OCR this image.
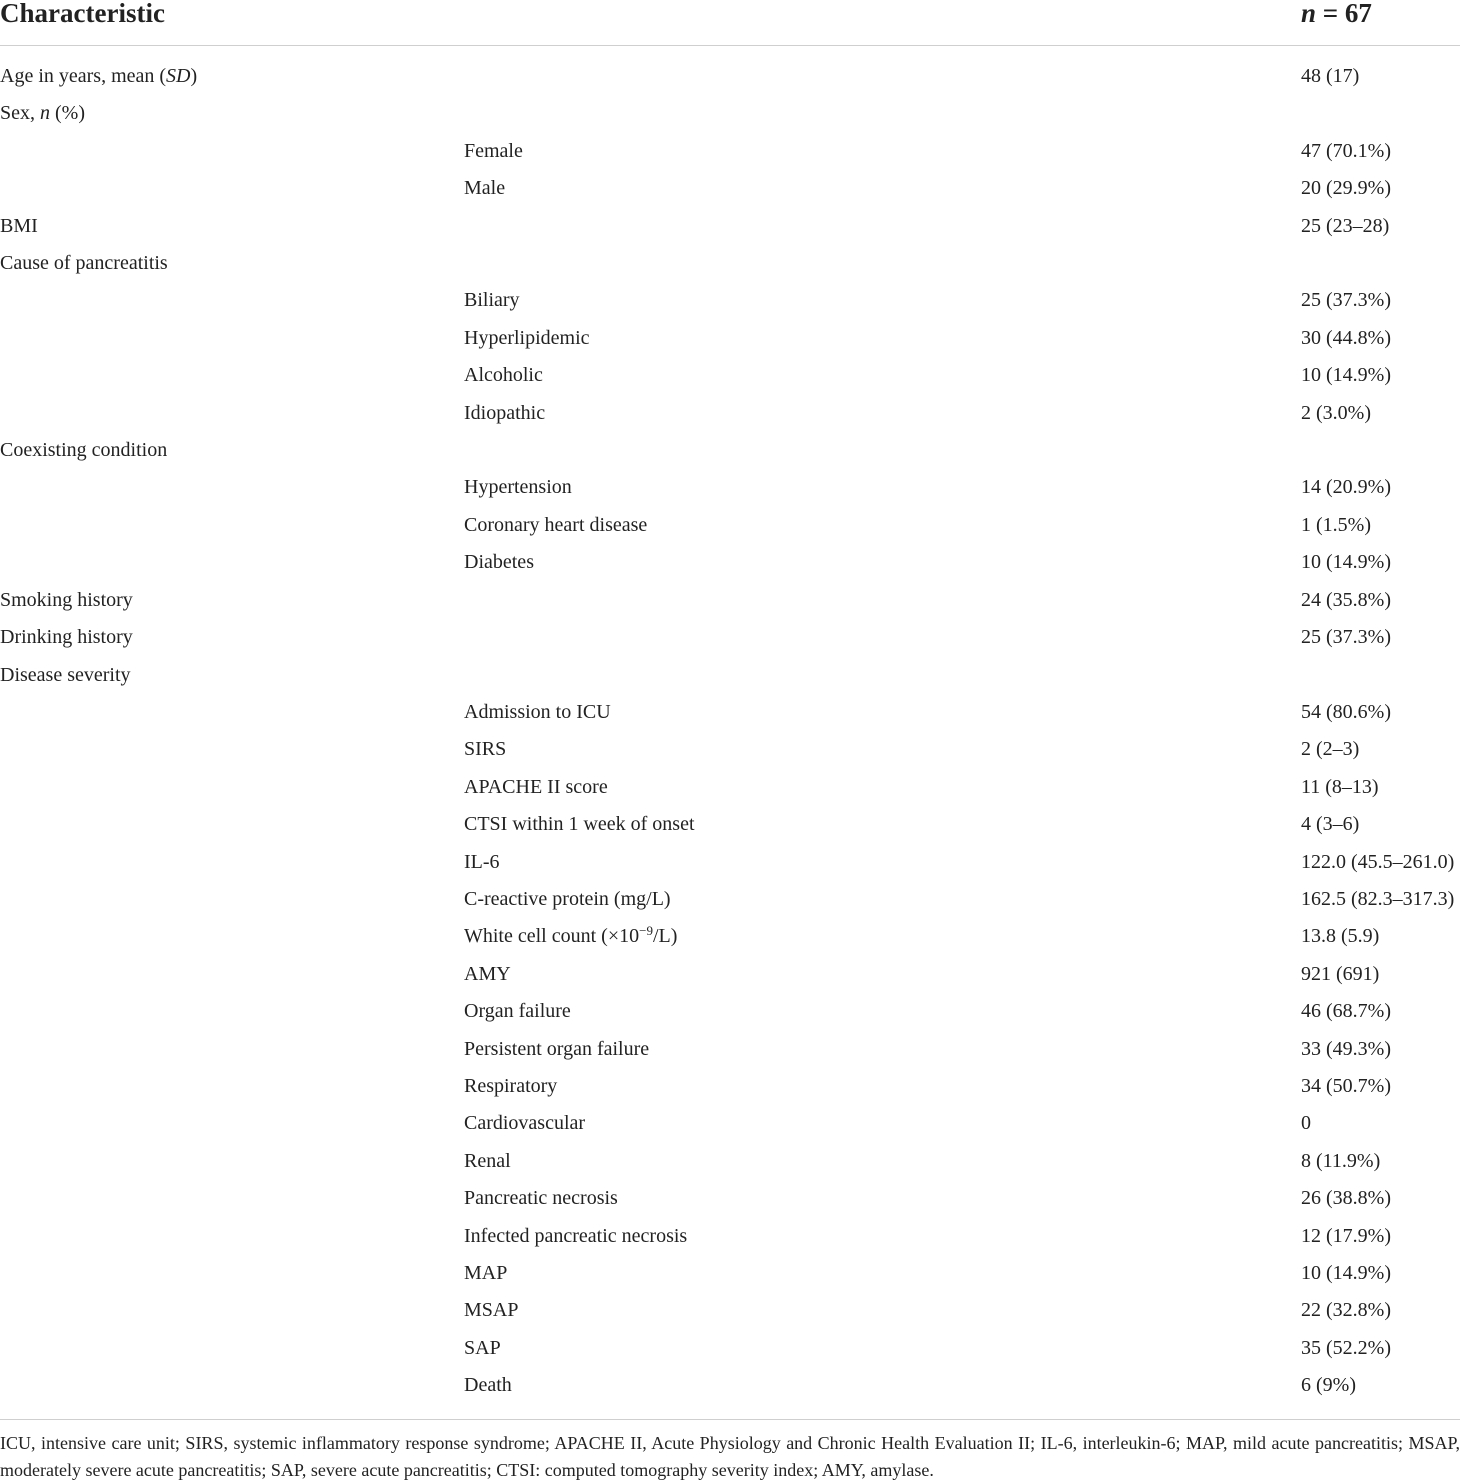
Characteristic	n = 67
Age in years, mean (SD)	48 (17)
Sex, n (%)
Female	47 (70.1%)
Male	20 (29.9%)
BMI	25 (23–28)
Cause of pancreatitis
Biliary	25 (37.3%)
Hyperlipidemic	30 (44.8%)
Alcoholic	10 (14.9%)
Idiopathic	2 (3.0%)
Coexisting condition
Hypertension	14 (20.9%)
Coronary heart disease	1 (1.5%)
Diabetes	10 (14.9%)
Smoking history	24 (35.8%)
Drinking history	25 (37.3%)
Disease severity
Admission to ICU	54 (80.6%)
SIRS	2 (2–3)
APACHE II score	11 (8–13)
CTSI within 1 week of onset	4 (3–6)
IL-6	122.0 (45.5–261.0)
C-reactive protein (mg/L)	162.5 (82.3–317.3)
White cell count $(\times 10^{-9}/L)$	13.8 (5.9)
AMY	921 (691)
Organ failure	46 (68.7%)
Persistent organ failure	33 (49.3%)
Respiratory	34 (50.7%)
Cardiovascular	0
Renal	8 (11.9%)
Pancreatic necrosis	26 (38.8%)
Infected pancreatic necrosis	12 (17.9%)
MAP	10 (14.9%)
MSAP	22 (32.8%)
SAP	35 (52.2%)
Death	6 (9%)
ICU, intensive care unit; SIRS, systemic inflammatory response syndrome; APACHE II, Acute Physiology and Chronic Health Evaluation II; IL-6, interleukin-6; MAP, mild acute pancreatitis; MSAP, moderately severe acute pancreatitis; SAP, severe acute pancreatitis; CTSI: computed tomography severity index; AMY, amylase.
